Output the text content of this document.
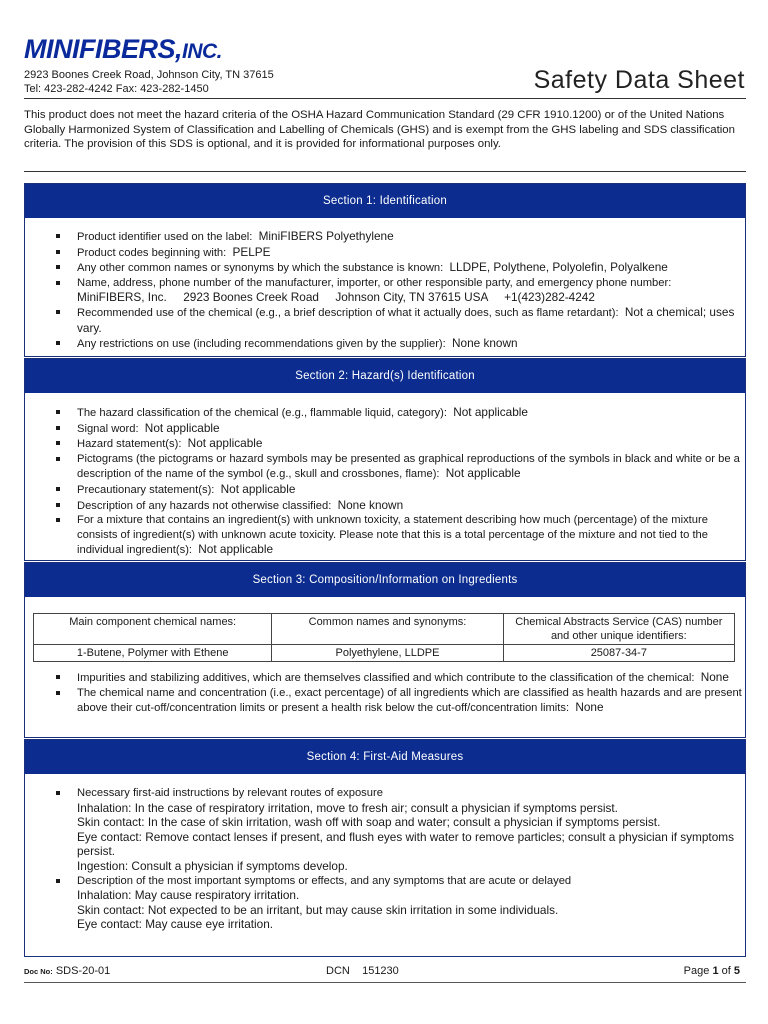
MINIFIBERS,INC.
2923 Boones Creek Road, Johnson City, TN 37615
Tel: 423-282-4242 Fax: 423-282-1450	Safety Data Sheet
This product does not meet the hazard criteria of the OSHA Hazard Communication Standard (29 CFR 1910.1200) or of the United Nations Globally Harmonized System of Classification and Labelling of Chemicals (GHS) and is exempt from the GHS labeling and SDS classification criteria. The provision of this SDS is optional, and it is provided for informational purposes only.
Section 1: Identification
Product identifier used on the label: MiniFIBERS Polyethylene
Product codes beginning with: PELPE
Any other common names or synonyms by which the substance is known: LLDPE, Polythene, Polyolefin, Polyalkene
Name, address, phone number of the manufacturer, importer, or other responsible party, and emergency phone number:
MiniFIBERS, Inc.     2923 Boones Creek Road     Johnson City, TN 37615 USA     +1(423)282-4242
Recommended use of the chemical (e.g., a brief description of what it actually does, such as flame retardant): Not a chemical; uses vary.
Any restrictions on use (including recommendations given by the supplier): None known
Section 2: Hazard(s) Identification
The hazard classification of the chemical (e.g., flammable liquid, category): Not applicable
Signal word: Not applicable
Hazard statement(s): Not applicable
Pictograms (the pictograms or hazard symbols may be presented as graphical reproductions of the symbols in black and white or be a description of the name of the symbol (e.g., skull and crossbones, flame): Not applicable
Precautionary statement(s): Not applicable
Description of any hazards not otherwise classified: None known
For a mixture that contains an ingredient(s) with unknown toxicity, a statement describing how much (percentage) of the mixture consists of ingredient(s) with unknown acute toxicity. Please note that this is a total percentage of the mixture and not tied to the individual ingredient(s): Not applicable
Section 3: Composition/Information on Ingredients
Main component chemical names:	Common names and synonyms:	Chemical Abstracts Service (CAS) number and other unique identifiers:
1-Butene, Polymer with Ethene	Polyethylene, LLDPE	25087-34-7
Impurities and stabilizing additives, which are themselves classified and which contribute to the classification of the chemical: None
The chemical name and concentration (i.e., exact percentage) of all ingredients which are classified as health hazards and are present above their cut-off/concentration limits or present a health risk below the cut-off/concentration limits: None
Section 4: First-Aid Measures
Necessary first-aid instructions by relevant routes of exposure
Inhalation: In the case of respiratory irritation, move to fresh air; consult a physician if symptoms persist.
Skin contact: In the case of skin irritation, wash off with soap and water; consult a physician if symptoms persist.
Eye contact: Remove contact lenses if present, and flush eyes with water to remove particles; consult a physician if symptoms persist.
Ingestion: Consult a physician if symptoms develop.
Description of the most important symptoms or effects, and any symptoms that are acute or delayed
Inhalation: May cause respiratory irritation.
Skin contact: Not expected to be an irritant, but may cause skin irritation in some individuals.
Eye contact: May cause eye irritation.
Doc No: SDS-20-01	DCN 151230	Page 1 of 5
